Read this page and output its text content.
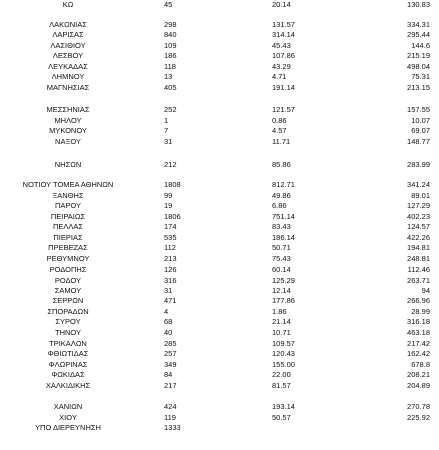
ΚΩ	45	20.14	130.83
ΛΑΚΩΝΙΑΣ	298	131.57	334.31
ΛΑΡΙΣΑΣ	840	314.14	295.44
ΛΑΣΙΘΙΟΥ	109	45.43	144.6
ΛΕΣΒΟΥ	186	107.86	215.19
ΛΕΥΚΑΔΑΣ	118	43.29	498.04
ΛΗΜΝΟΥ	13	4.71	75.31
ΜΑΓΝΗΣΙΑΣ	405	191.14	213.15
ΜΕΣΣΗΝΙΑΣ	252	121.57	157.55
ΜΗΛΟΥ	1	0.86	10.07
ΜΥΚΟΝΟΥ	7	4.57	69.07
ΝΑΞΟΥ	31	11.71	148.77
ΝΗΣΩΝ	212	85.86	283.99
ΝΟΤΙΟΥ ΤΟΜΕΑ ΑΘΗΝΩΝ	1808	812.71	341.24
ΞΑΝΘΗΣ	99	49.86	89.01
ΠΑΡΟΥ	19	6.86	127.29
ΠΕΙΡΑΙΩΣ	1806	751.14	402.23
ΠΕΛΛΑΣ	174	83.43	124.57
ΠΙΕΡΙΑΣ	535	186.14	422.26
ΠΡΕΒΕΖΑΣ	112	50.71	194.81
ΡΕΘΥΜΝΟΥ	213	75.43	248.81
ΡΟΔΟΠΗΣ	126	60.14	112.46
ΡΟΔΟΥ	316	125.29	263.71
ΣΑΜΟΥ	31	12.14	94
ΣΕΡΡΩΝ	471	177.86	266.96
ΣΠΟΡΑΔΩΝ	4	1.86	28.99
ΣΥΡΟΥ	68	21.14	316.18
ΤΗΝΟΥ	40	10.71	463.18
ΤΡΙΚΑΛΩΝ	285	109.57	217.42
ΦΘΙΩΤΙΔΑΣ	257	120.43	162.42
ΦΛΩΡΙΝΑΣ	349	155.00	678.8
ΦΩΚΙΔΑΣ	84	22.00	208.21
ΧΑΛΚΙΔΙΚΗΣ	217	81.57	204.89
ΧΑΝΙΩΝ	424	193.14	270.78
ΧΙΟΥ	119	50.57	225.92
ΥΠΟ ΔΙΕΡΕΥΝΗΣΗ	1333
